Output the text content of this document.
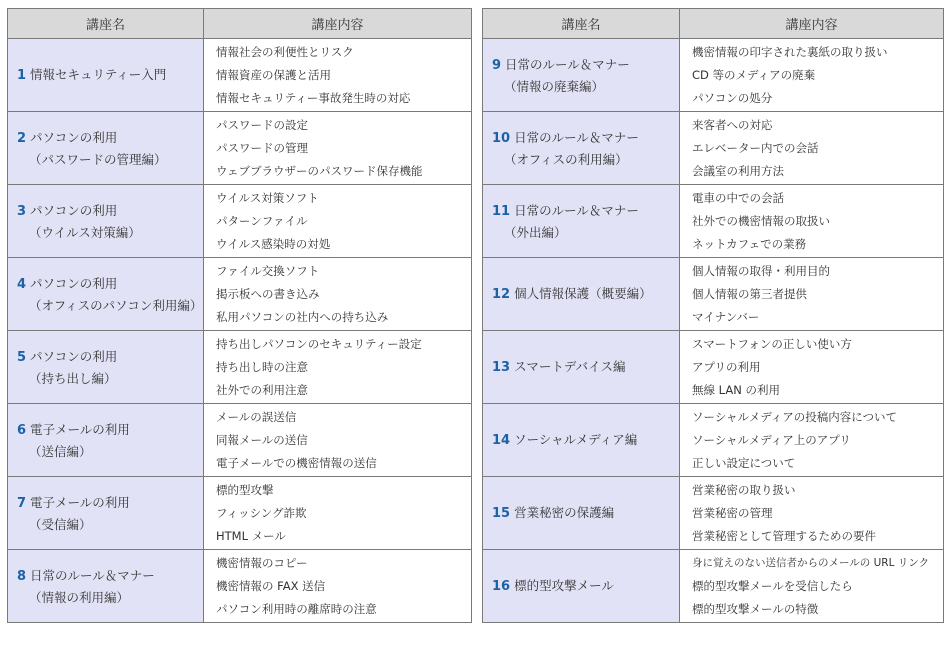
講座名	講座内容

1 情報セキュリティー入門	情報社会の利便性とリスク
情報資産の保護と活用
情報セキュリティー事故発生時の対応

2 パソコンの利用
（パスワードの管理編）	パスワードの設定
パスワードの管理
ウェブブラウザーのパスワード保存機能

3 パソコンの利用
（ウイルス対策編）	ウイルス対策ソフト
パターンファイル
ウイルス感染時の対処

4 パソコンの利用
（オフィスのパソコン利用編）	ファイル交換ソフト
掲示板への書き込み
私用パソコンの社内への持ち込み

5 パソコンの利用
（持ち出し編）	持ち出しパソコンのセキュリティー設定
持ち出し時の注意
社外での利用注意

6 電子メールの利用
（送信編）	メールの誤送信
同報メールの送信
電子メールでの機密情報の送信

7 電子メールの利用
（受信編）	標的型攻撃
フィッシング詐欺
HTML メール

8 日常のルール＆マナー
（情報の利用編）	機密情報のコピー
機密情報の FAX 送信
パソコン利用時の離席時の注意
講座名	講座内容

9 日常のルール＆マナー
（情報の廃棄編）	機密情報の印字された裏紙の取り扱い
CD 等のメディアの廃棄
パソコンの処分

10 日常のルール＆マナー
（オフィスの利用編）	来客者への対応
エレベーター内での会話
会議室の利用方法

11 日常のルール＆マナー
（外出編）	電車の中での会話
社外での機密情報の取扱い
ネットカフェでの業務

12 個人情報保護（概要編）	個人情報の取得・利用目的
個人情報の第三者提供
マイナンバー

13 スマートデバイス編	スマートフォンの正しい使い方
アプリの利用
無線 LAN の利用

14 ソーシャルメディア編	ソーシャルメディアの投稿内容について
ソーシャルメディア上のアプリ
正しい設定について

15 営業秘密の保護編	営業秘密の取り扱い
営業秘密の管理
営業秘密として管理するための要件

16 標的型攻撃メール	身に覚えのない送信者からのメールの URL リンク
標的型攻撃メールを受信したら
標的型攻撃メールの特徴
